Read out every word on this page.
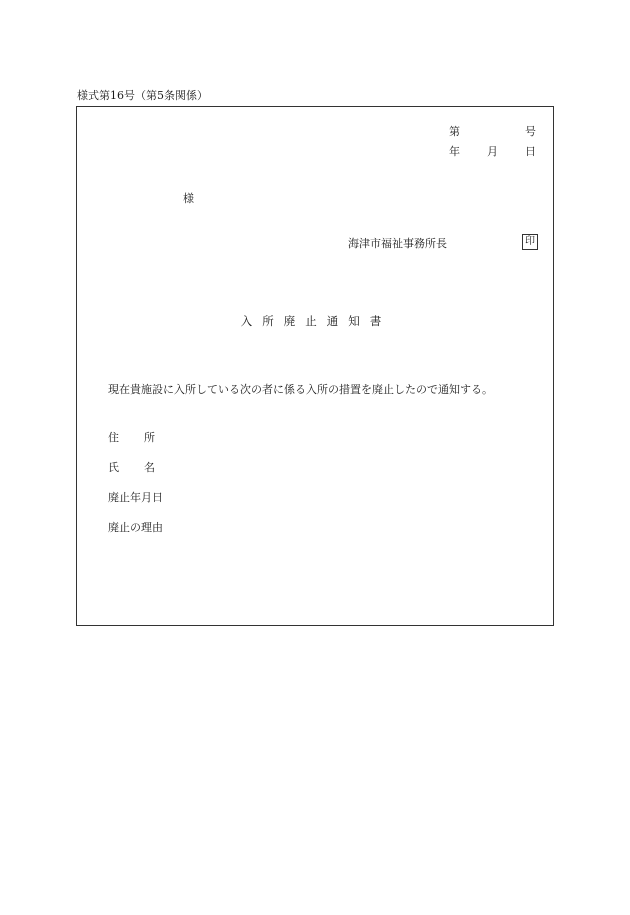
様式第16号（第5条関係）
第	号
年 月 日
様
海津市福祉事務所長	印
入所廃止通知書
現在貴施設に入所している次の者に係る入所の措置を廃止したので通知する。
住所
氏名
廃止年月日
廃止の理由
